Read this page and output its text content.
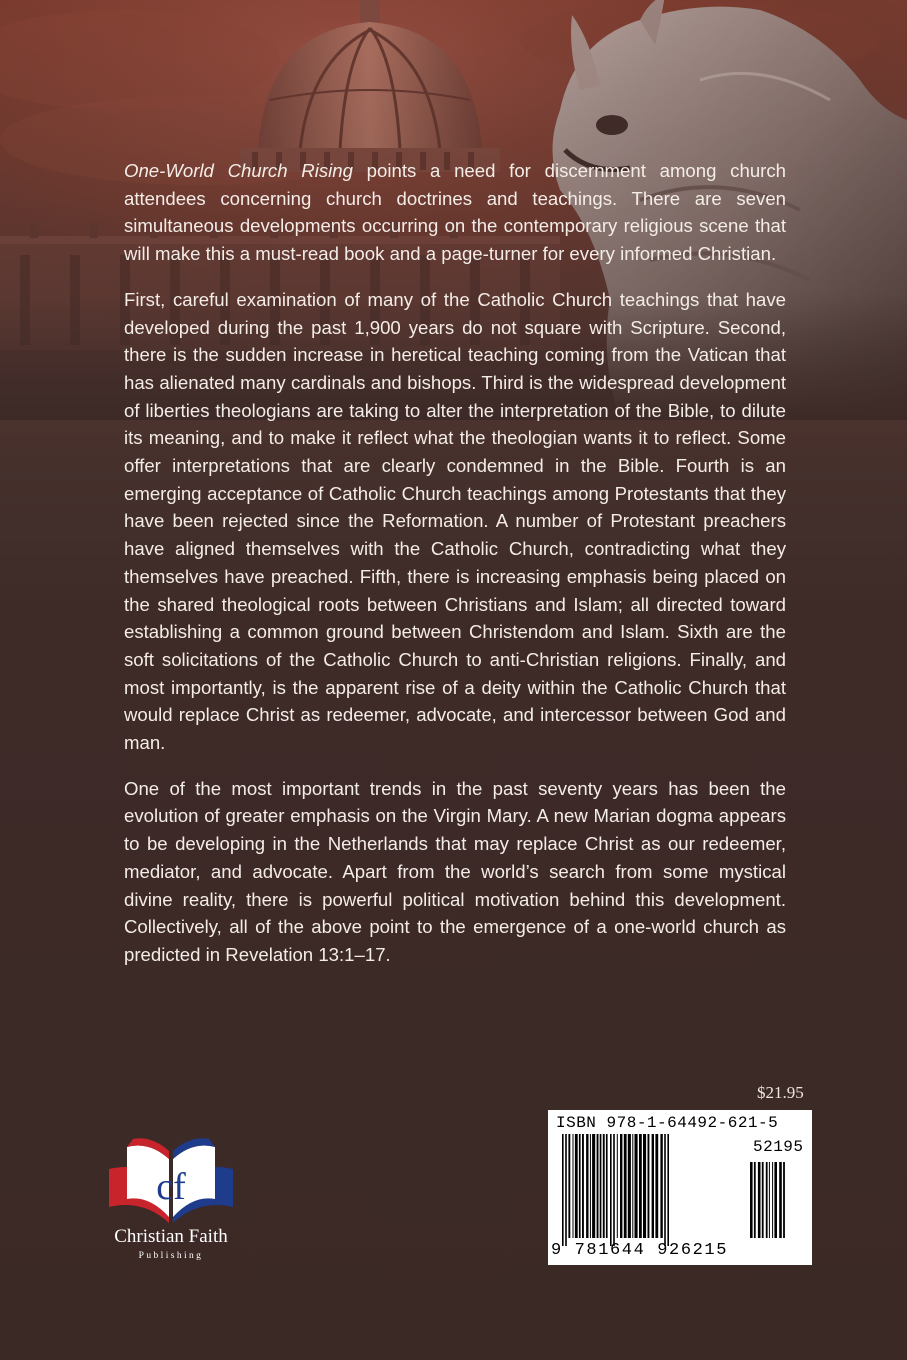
One-World Church Rising points a need for discernment among church attendees concerning church doctrines and teachings. There are seven simultaneous developments occurring on the contemporary religious scene that will make this a must-read book and a page-turner for every informed Christian.

First, careful examination of many of the Catholic Church teachings that have developed during the past 1,900 years do not square with Scripture. Second, there is the sudden increase in heretical teaching coming from the Vatican that has alienated many cardinals and bishops. Third is the widespread development of liberties theologians are taking to alter the interpretation of the Bible, to dilute its meaning, and to make it reflect what the theologian wants it to reflect. Some offer interpretations that are clearly condemned in the Bible. Fourth is an emerging acceptance of Catholic Church teachings among Protestants that they have been rejected since the Reformation. A number of Protestant preachers have aligned themselves with the Catholic Church, contradicting what they themselves have preached. Fifth, there is increasing emphasis being placed on the shared theological roots between Christians and Islam; all directed toward establishing a common ground between Christendom and Islam. Sixth are the soft solicitations of the Catholic Church to anti-Christian religions. Finally, and most importantly, is the apparent rise of a deity within the Catholic Church that would replace Christ as redeemer, advocate, and intercessor between God and man.

One of the most important trends in the past seventy years has been the evolution of greater emphasis on the Virgin Mary. A new Marian dogma appears to be developing in the Netherlands that may replace Christ as our redeemer, mediator, and advocate. Apart from the world’s search from some mystical divine reality, there is powerful political motivation behind this development. Collectively, all of the above point to the emergence of a one-world church as predicted in Revelation 13:1–17.

$21.95
ISBN 978-1-64492-621-5
52195
9 781644 926215
cf
Christian Faith
Publishing
